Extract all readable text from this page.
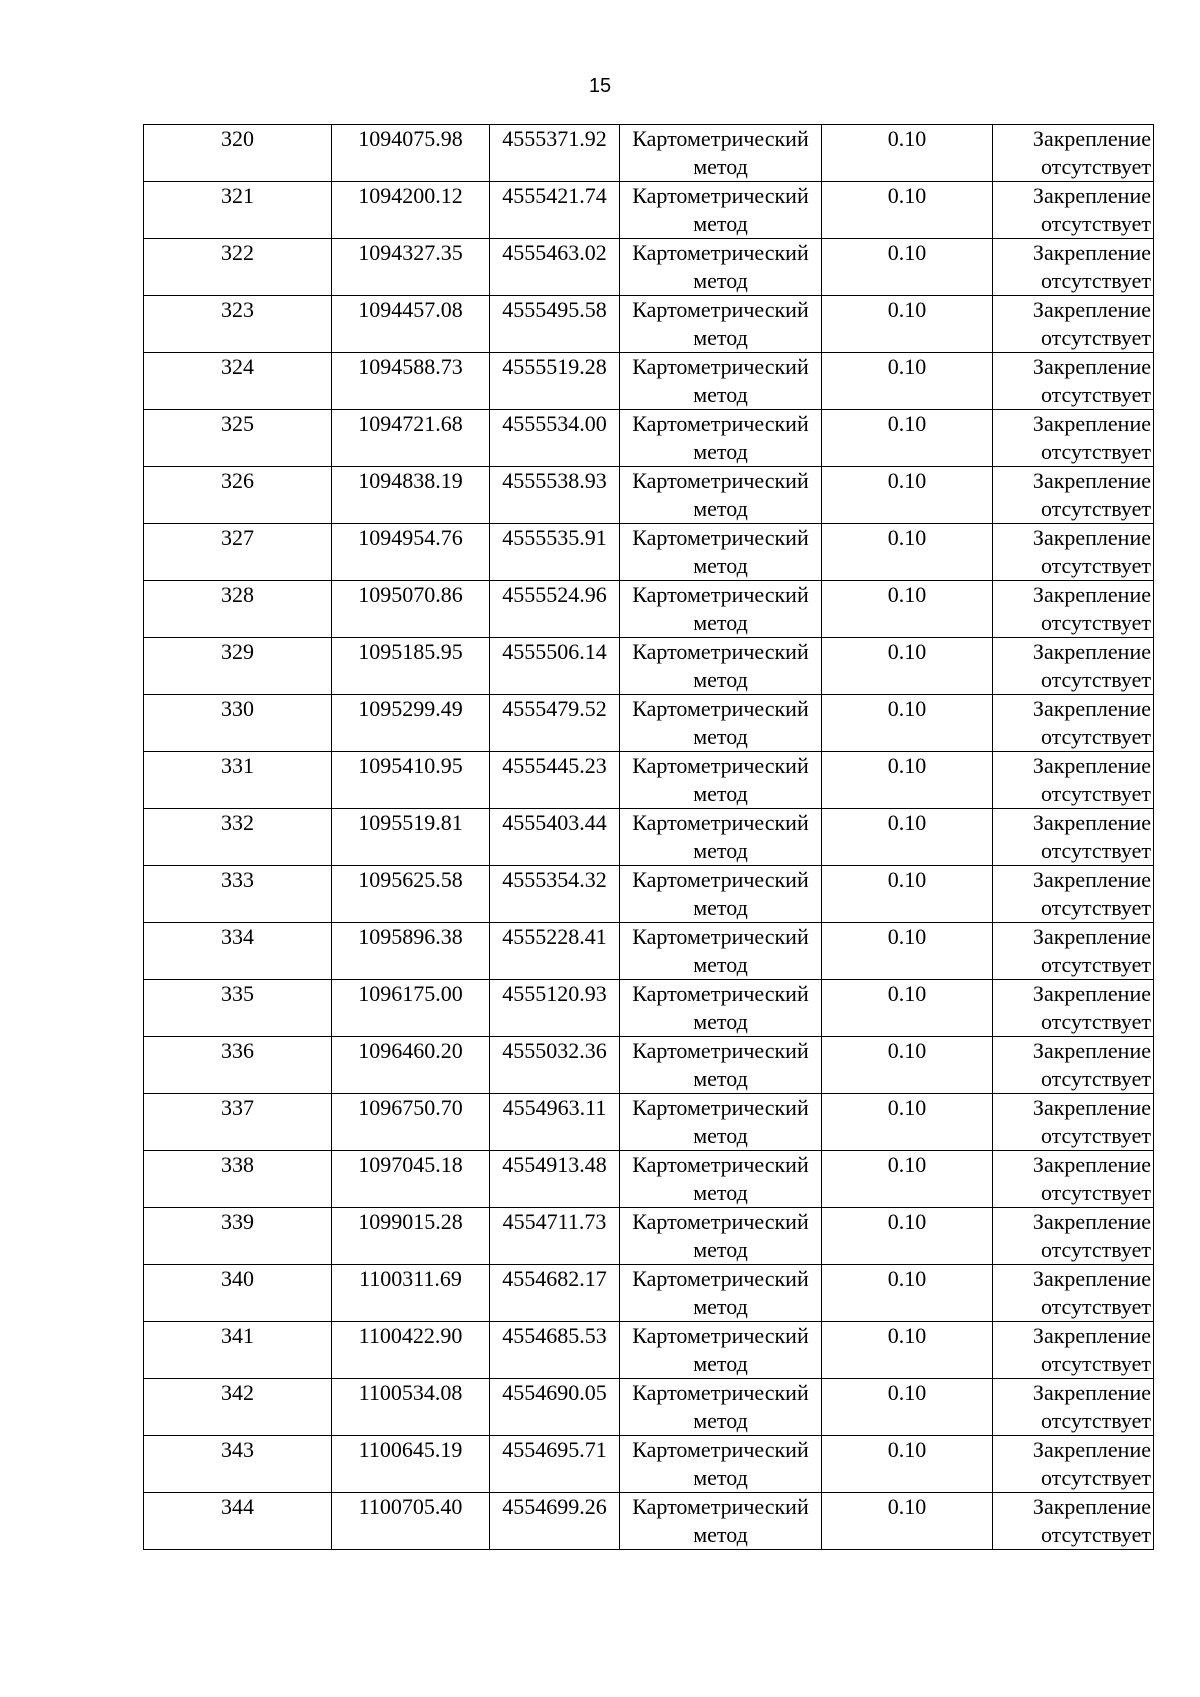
15
320	1094075.98	4555371.92	Картометрический метод	0.10	Закрепление отсутствует
321	1094200.12	4555421.74	Картометрический метод	0.10	Закрепление отсутствует
322	1094327.35	4555463.02	Картометрический метод	0.10	Закрепление отсутствует
323	1094457.08	4555495.58	Картометрический метод	0.10	Закрепление отсутствует
324	1094588.73	4555519.28	Картометрический метод	0.10	Закрепление отсутствует
325	1094721.68	4555534.00	Картометрический метод	0.10	Закрепление отсутствует
326	1094838.19	4555538.93	Картометрический метод	0.10	Закрепление отсутствует
327	1094954.76	4555535.91	Картометрический метод	0.10	Закрепление отсутствует
328	1095070.86	4555524.96	Картометрический метод	0.10	Закрепление отсутствует
329	1095185.95	4555506.14	Картометрический метод	0.10	Закрепление отсутствует
330	1095299.49	4555479.52	Картометрический метод	0.10	Закрепление отсутствует
331	1095410.95	4555445.23	Картометрический метод	0.10	Закрепление отсутствует
332	1095519.81	4555403.44	Картометрический метод	0.10	Закрепление отсутствует
333	1095625.58	4555354.32	Картометрический метод	0.10	Закрепление отсутствует
334	1095896.38	4555228.41	Картометрический метод	0.10	Закрепление отсутствует
335	1096175.00	4555120.93	Картометрический метод	0.10	Закрепление отсутствует
336	1096460.20	4555032.36	Картометрический метод	0.10	Закрепление отсутствует
337	1096750.70	4554963.11	Картометрический метод	0.10	Закрепление отсутствует
338	1097045.18	4554913.48	Картометрический метод	0.10	Закрепление отсутствует
339	1099015.28	4554711.73	Картометрический метод	0.10	Закрепление отсутствует
340	1100311.69	4554682.17	Картометрический метод	0.10	Закрепление отсутствует
341	1100422.90	4554685.53	Картометрический метод	0.10	Закрепление отсутствует
342	1100534.08	4554690.05	Картометрический метод	0.10	Закрепление отсутствует
343	1100645.19	4554695.71	Картометрический метод	0.10	Закрепление отсутствует
344	1100705.40	4554699.26	Картометрический метод	0.10	Закрепление отсутствует
